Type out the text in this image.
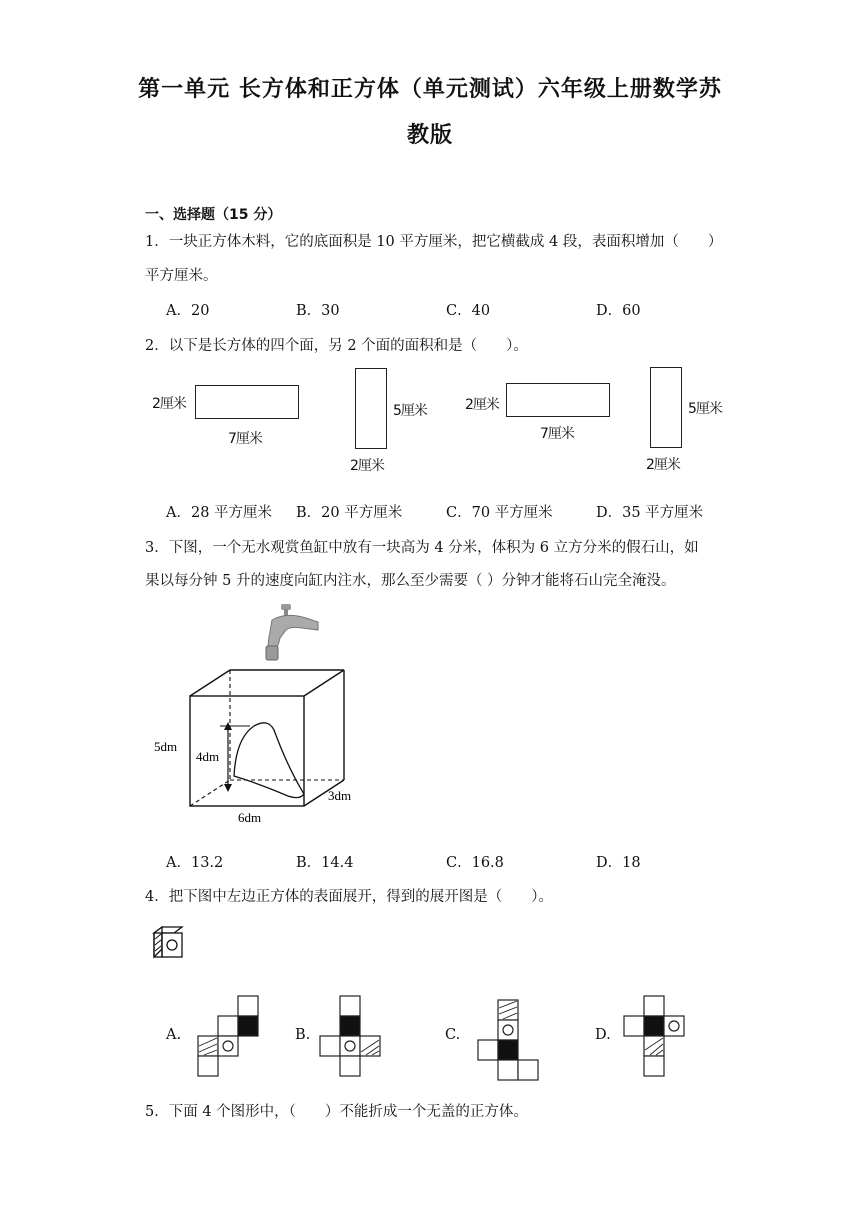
第一单元 长方体和正方体（单元测试）六年级上册数学苏
教版
一、选择题（15 分）
1．一块正方体木料，它的底面积是 10 平方厘米，把它横截成 4 段，表面积增加（　　）
平方厘米。
A．20	B．30	C．40	D．60
2．以下是长方体的四个面，另 2 个面的面积和是（　　）。
2厘米
7厘米
5厘米
2厘米
2厘米
7厘米
5厘米
2厘米
A．28 平方厘米 B．20 平方厘米	C．70 平方厘米	D．35 平方厘米
3．下图，一个无水观赏鱼缸中放有一块高为 4 分米，体积为 6 立方分米的假石山，如
果以每分钟 5 升的速度向缸内注水，那么至少需要（ ）分钟才能将石山完全淹没。
5dm
4dm
6dm
3dm
A．13.2	B．14.4	C．16.8	D．18
4．把下图中左边正方体的表面展开，得到的展开图是（　　）。
A.	B.	C.	D.
5．下面 4 个图形中，（　　）不能折成一个无盖的正方体。
